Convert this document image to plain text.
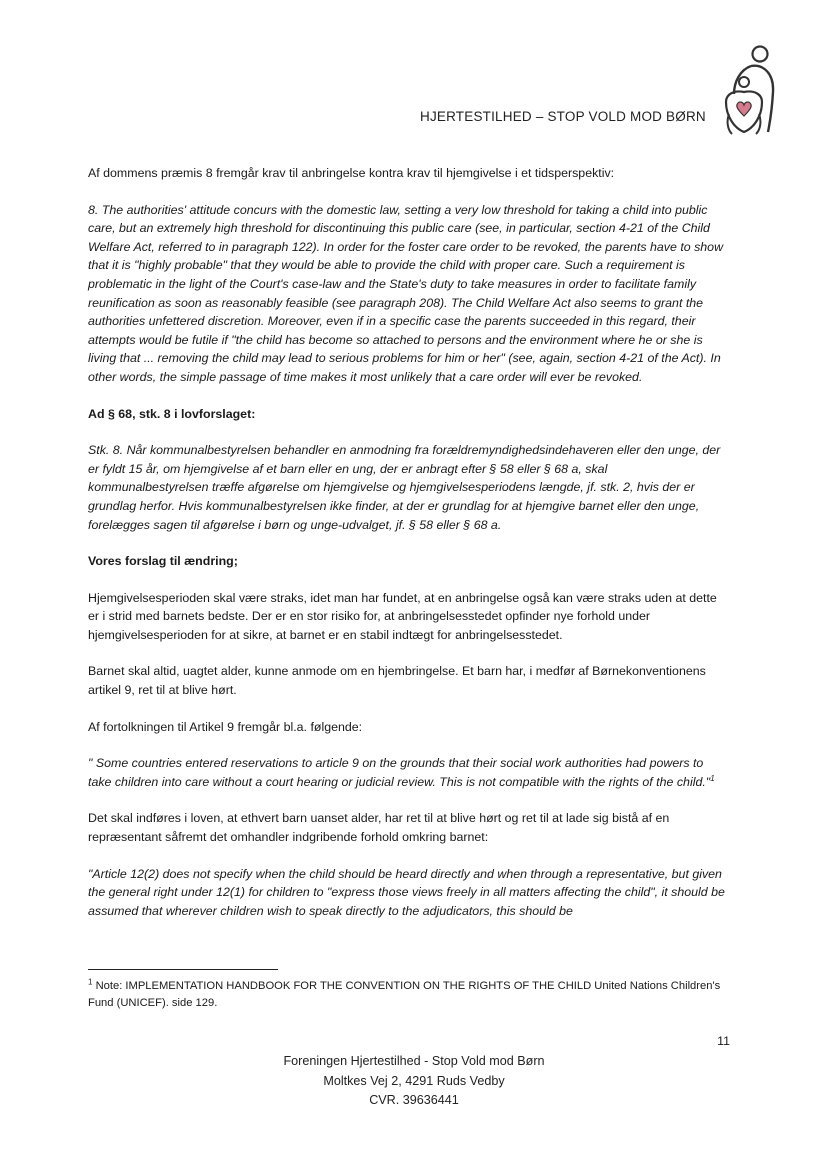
HJERTESTILHED – STOP VOLD MOD BØRN

Af dommens præmis 8 fremgår krav til anbringelse kontra krav til hjemgivelse i et tidsperspektiv:

8. The authorities' attitude concurs with the domestic law, setting a very low threshold for taking a child into public care, but an extremely high threshold for discontinuing this public care (see, in particular, section 4-21 of the Child Welfare Act, referred to in paragraph 122). In order for the foster care order to be revoked, the parents have to show that it is "highly probable" that they would be able to provide the child with proper care. Such a requirement is problematic in the light of the Court's case-law and the State's duty to take measures in order to facilitate family reunification as soon as reasonably feasible (see paragraph 208). The Child Welfare Act also seems to grant the authorities unfettered discretion. Moreover, even if in a specific case the parents succeeded in this regard, their attempts would be futile if "the child has become so attached to persons and the environment where he or she is living that ... removing the child may lead to serious problems for him or her" (see, again, section 4-21 of the Act). In other words, the simple passage of time makes it most unlikely that a care order will ever be revoked.

Ad § 68, stk. 8 i lovforslaget:

Stk. 8. Når kommunalbestyrelsen behandler en anmodning fra forældremyndighedsindehaveren eller den unge, der er fyldt 15 år, om hjemgivelse af et barn eller en ung, der er anbragt efter § 58 eller § 68 a, skal kommunalbestyrelsen træffe afgørelse om hjemgivelse og hjemgivelsesperiodens længde, jf. stk. 2, hvis der er grundlag herfor. Hvis kommunalbestyrelsen ikke finder, at der er grundlag for at hjemgive barnet eller den unge, forelægges sagen til afgørelse i børn og unge-udvalget, jf. § 58 eller § 68 a.

Vores forslag til ændring;

Hjemgivelsesperioden skal være straks, idet man har fundet, at en anbringelse også kan være straks uden at dette er i strid med barnets bedste. Der er en stor risiko for, at anbringelsesstedet opfinder nye forhold under hjemgivelsesperioden for at sikre, at barnet er en stabil indtægt for anbringelsesstedet.

Barnet skal altid, uagtet alder, kunne anmode om en hjembringelse. Et barn har, i medfør af Børnekonventionens artikel 9, ret til at blive hørt.

Af fortolkningen til Artikel 9 fremgår bl.a. følgende:

" Some countries entered reservations to article 9 on the grounds that their social work authorities had powers to take children into care without a court hearing or judicial review. This is not compatible with the rights of the child."$^1$

Det skal indføres i loven, at ethvert barn uanset alder, har ret til at blive hørt og ret til at lade sig bistå af en repræsentant såfremt det omhandler indgribende forhold omkring barnet:

"Article 12(2) does not specify when the child should be heard directly and when through a representative, but given the general right under 12(1) for children to "express those views freely in all matters affecting the child", it should be assumed that wherever children wish to speak directly to the adjudicators, this should be

$^1$ Note: IMPLEMENTATION HANDBOOK FOR THE CONVENTION ON THE RIGHTS OF THE CHILD United Nations Children's Fund (UNICEF). side 129.
11
Foreningen Hjertestilhed - Stop Vold mod Børn
Moltkes Vej 2, 4291 Ruds Vedby
CVR. 39636441
